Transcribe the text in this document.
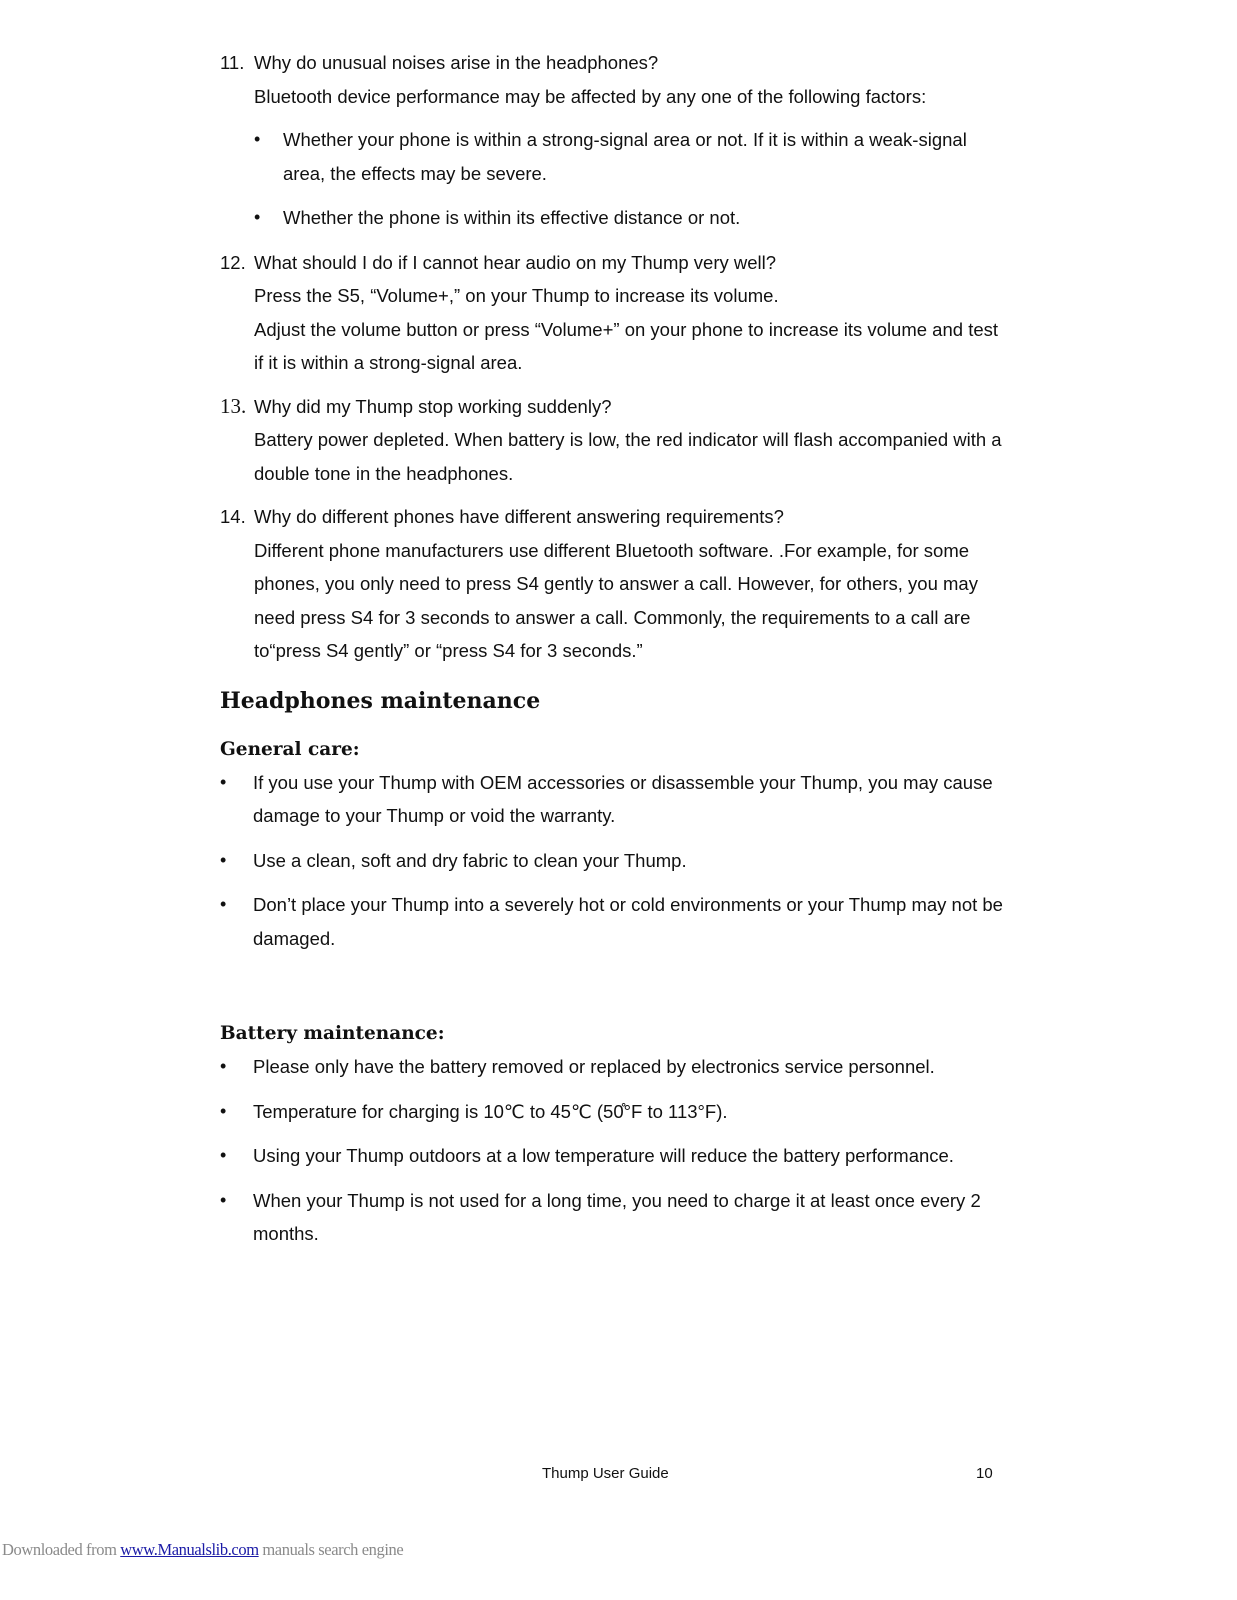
11. Why do unusual noises arise in the headphones?
Bluetooth device performance may be affected by any one of the following factors:
• Whether your phone is within a strong-signal area or not. If it is within a weak-signal area, the effects may be severe.
• Whether the phone is within its effective distance or not.
12. What should I do if I cannot hear audio on my Thump very well?
Press the S5, “Volume+,” on your Thump to increase its volume.
Adjust the volume button or press “Volume+” on your phone to increase its volume and test if it is within a strong-signal area.
13. Why did my Thump stop working suddenly?
Battery power depleted. When battery is low, the red indicator will flash accompanied with a double tone in the headphones.
14. Why do different phones have different answering requirements?
Different phone manufacturers use different Bluetooth software. .For example, for some phones, you only need to press S4 gently to answer a call. However, for others, you may need press S4 for 3 seconds to answer a call. Commonly, the requirements to a call are to“press S4 gently” or “press S4 for 3 seconds.”
Headphones maintenance
General care:
• If you use your Thump with OEM accessories or disassemble your Thump, you may cause damage to your Thump or void the warranty.
• Use a clean, soft and dry fabric to clean your Thump.
• Don’t place your Thump into a severely hot or cold environments or your Thump may not be damaged.
Battery maintenance:
• Please only have the battery removed or replaced by electronics service personnel.
• Temperature for charging is 10℃ to 45℃ (50̊°F to 113°F).
• Using your Thump outdoors at a low temperature will reduce the battery performance.
• When your Thump is not used for a long time, you need to charge it at least once every 2 months.
Thump User Guide	10
Downloaded from www.Manualslib.com manuals search engine
